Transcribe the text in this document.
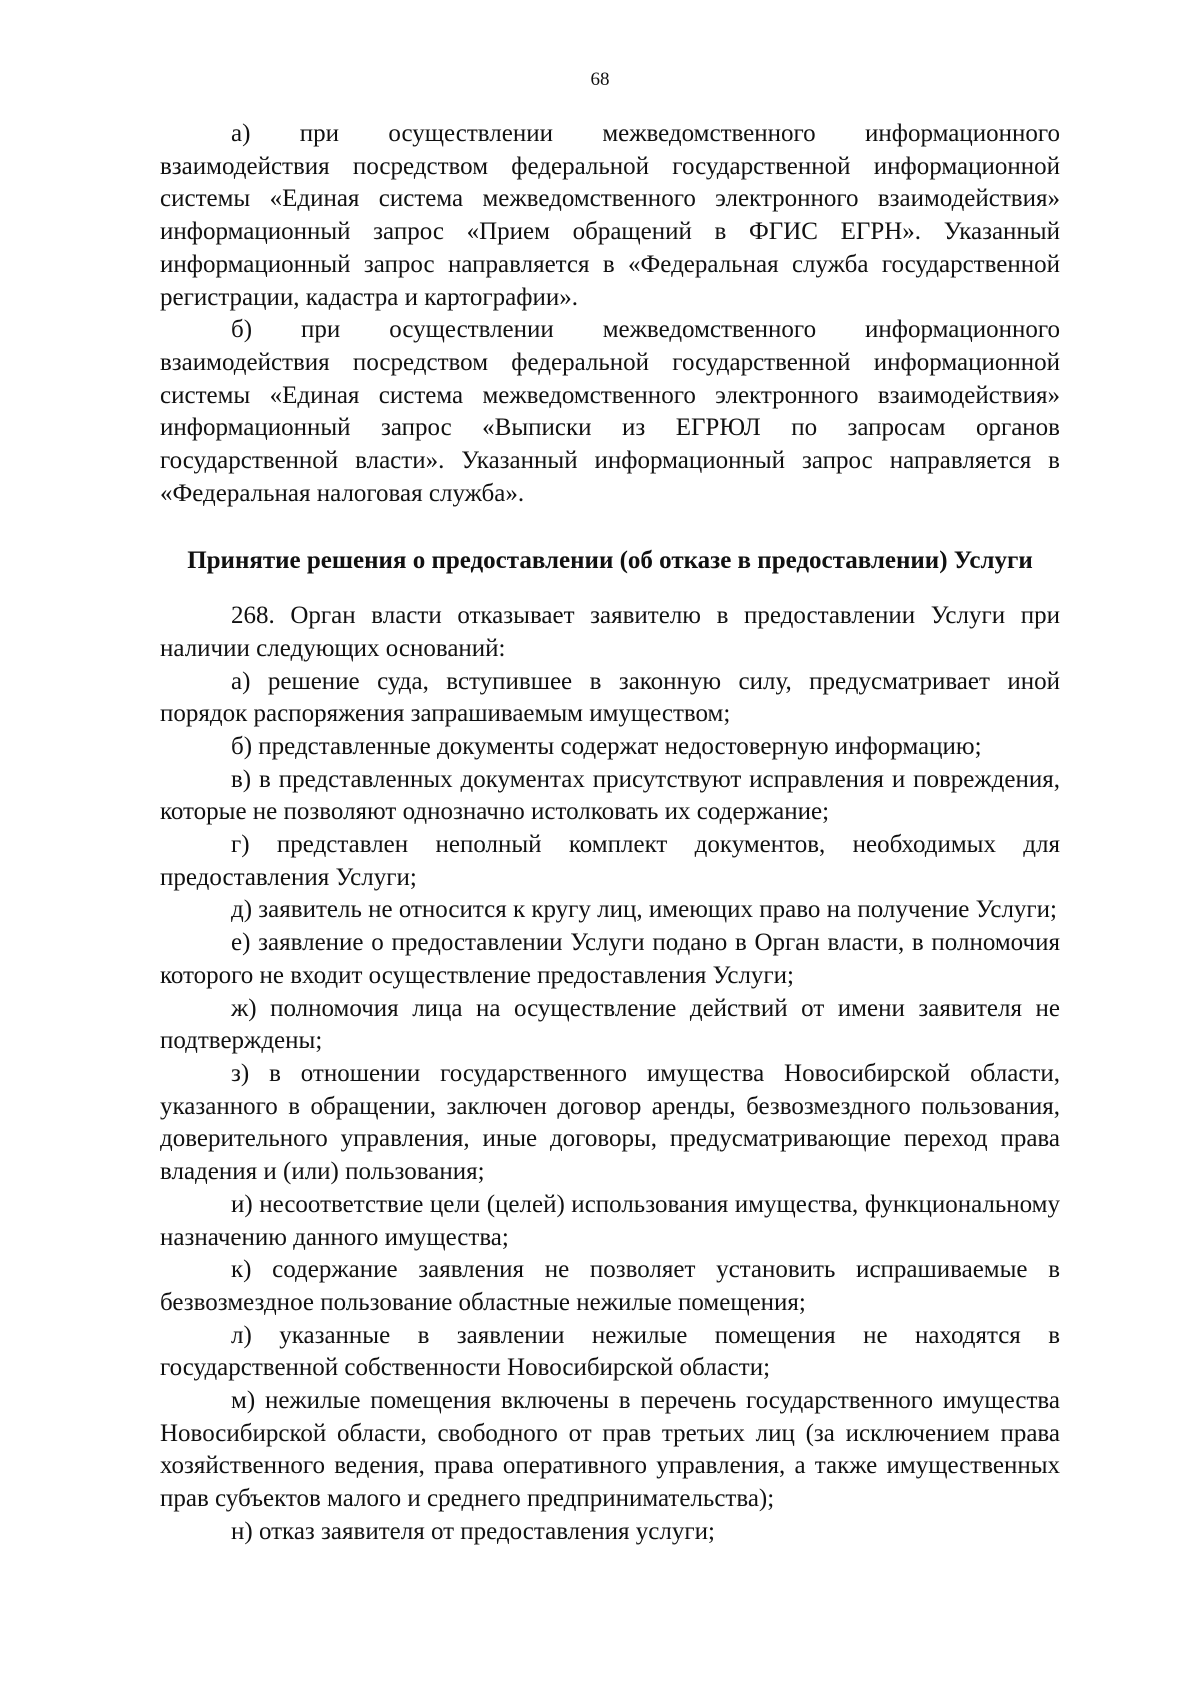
68

а) при осуществлении межведомственного информационного взаимодействия посредством федеральной государственной информационной системы «Единая система межведомственного электронного взаимодействия» информационный запрос «Прием обращений в ФГИС ЕГРН». Указанный информационный запрос направляется в «Федеральная служба государственной регистрации, кадастра и картографии».

б) при осуществлении межведомственного информационного взаимодействия посредством федеральной государственной информационной системы «Единая система межведомственного электронного взаимодействия» информационный запрос «Выписки из ЕГРЮЛ по запросам органов государственной власти». Указанный информационный запрос направляется в «Федеральная налоговая служба».

Принятие решения о предоставлении (об отказе в предоставлении) Услуги

268. Орган власти отказывает заявителю в предоставлении Услуги при наличии следующих оснований:

а) решение суда, вступившее в законную силу, предусматривает иной порядок распоряжения запрашиваемым имуществом;

б) представленные документы содержат недостоверную информацию;

в) в представленных документах присутствуют исправления и повреждения, которые не позволяют однозначно истолковать их содержание;

г) представлен неполный комплект документов, необходимых для предоставления Услуги;

д) заявитель не относится к кругу лиц, имеющих право на получение Услуги;

е) заявление о предоставлении Услуги подано в Орган власти, в полномочия которого не входит осуществление предоставления Услуги;

ж) полномочия лица на осуществление действий от имени заявителя не подтверждены;

з) в отношении государственного имущества Новосибирской области, указанного в обращении, заключен договор аренды, безвозмездного пользования, доверительного управления, иные договоры, предусматривающие переход права владения и (или) пользования;

и) несоответствие цели (целей) использования имущества, функциональному назначению данного имущества;

к) содержание заявления не позволяет установить испрашиваемые в безвозмездное пользование областные нежилые помещения;

л) указанные в заявлении нежилые помещения не находятся в государственной собственности Новосибирской области;

м) нежилые помещения включены в перечень государственного имущества Новосибирской области, свободного от прав третьих лиц (за исключением права хозяйственного ведения, права оперативного управления, а также имущественных прав субъектов малого и среднего предпринимательства);

н) отказ заявителя от предоставления услуги;
